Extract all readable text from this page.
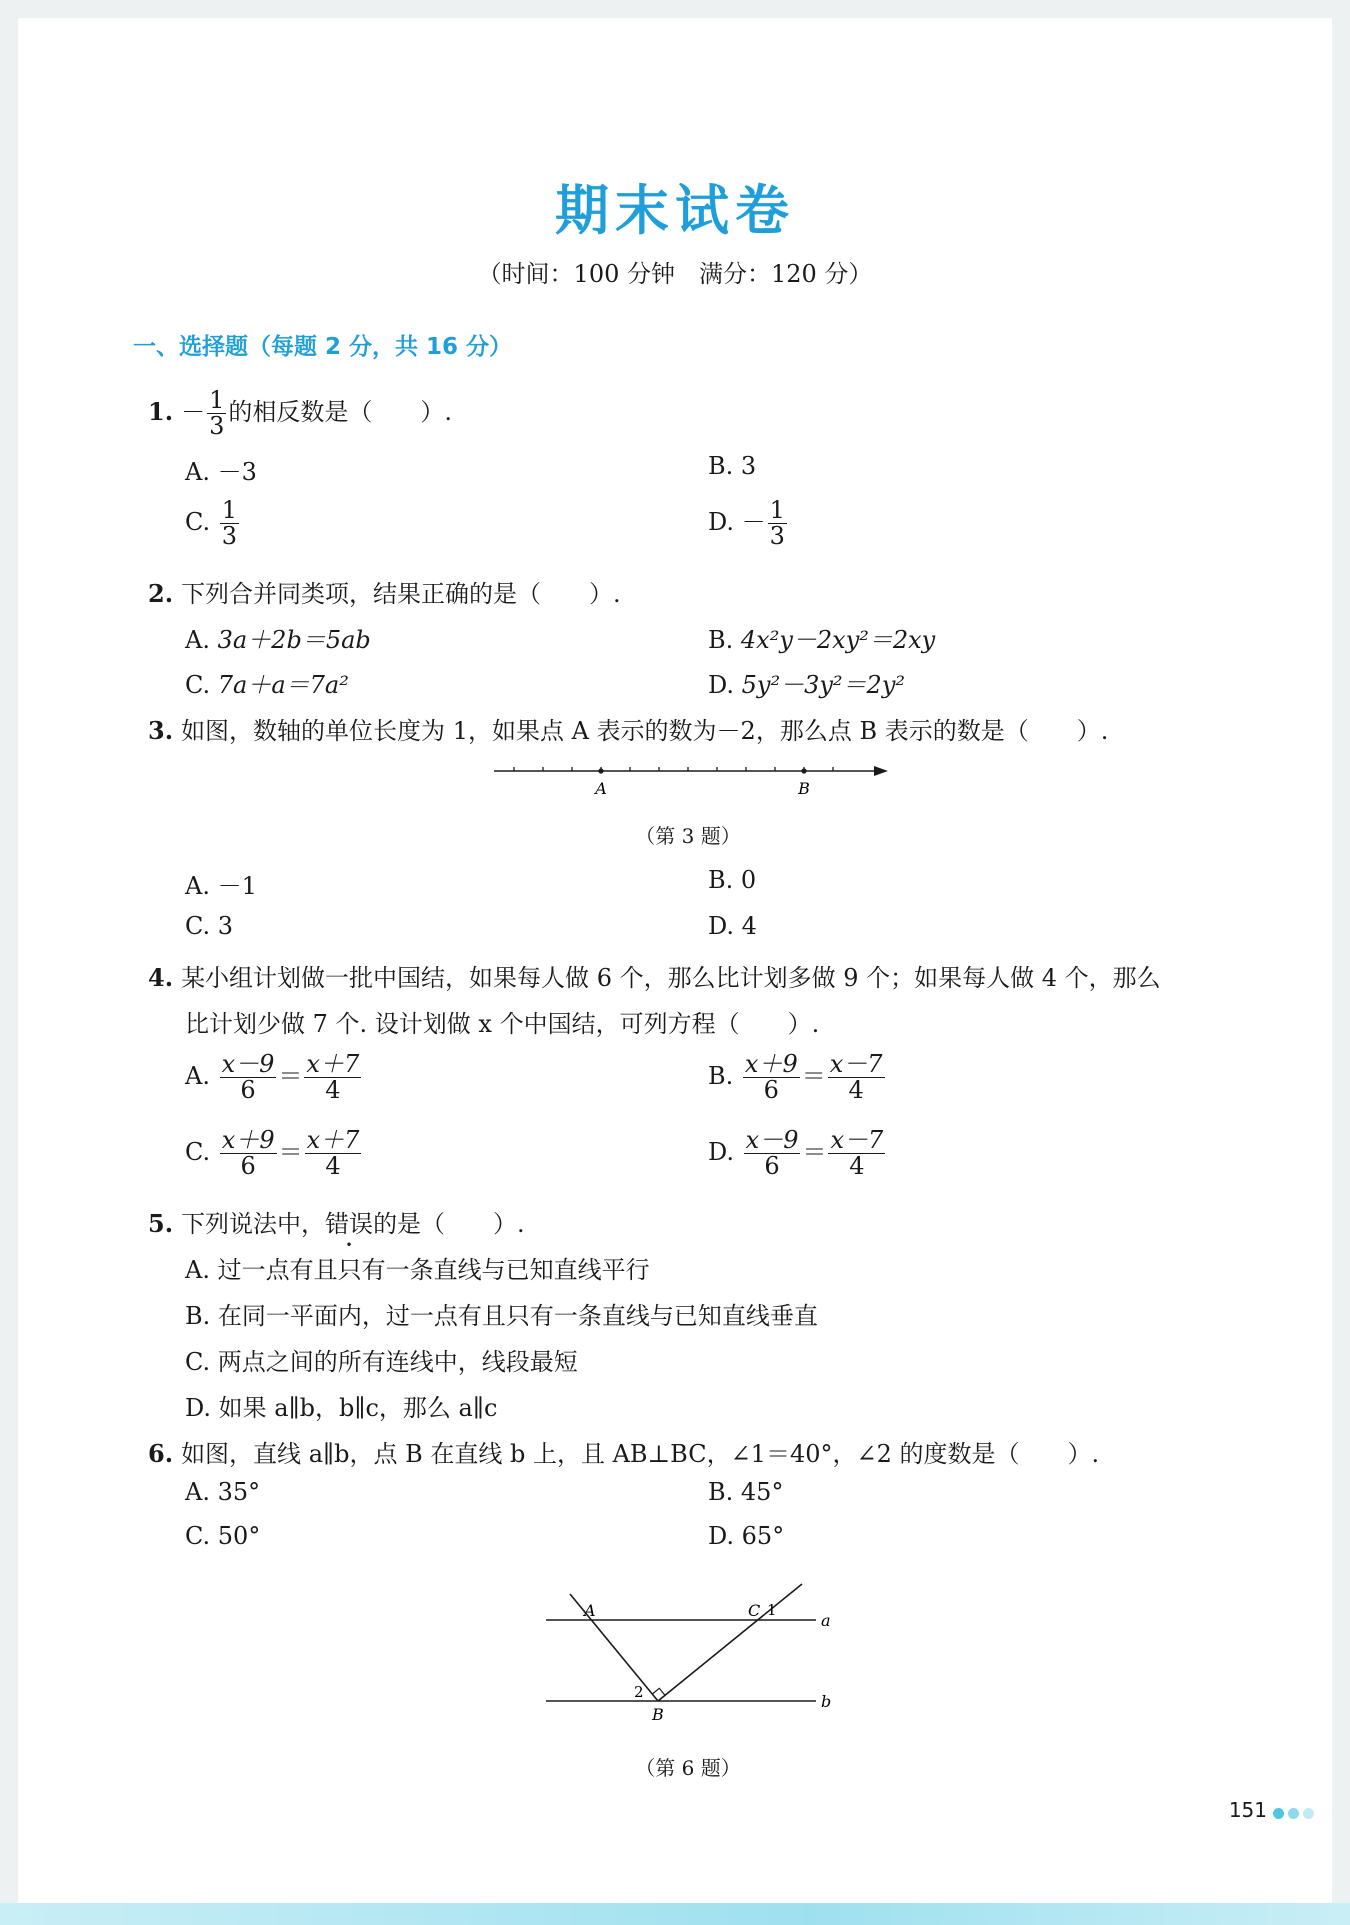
期末试卷
（时间：100 分钟　满分：120 分）
一、选择题（每题 2 分，共 16 分）
1. － $\frac{1}{3}$ 的相反数是（　　）.
A. －3	B. 3
C. $\frac{1}{3}$	D. － $\frac{1}{3}$
2. 下列合并同类项，结果正确的是（　　）.
A. 3a＋2b＝5ab	B. 4x²y－2xy²＝2xy
C. 7a＋a＝7a²	D. 5y²－3y²＝2y²
3. 如图，数轴的单位长度为 1，如果点 A 表示的数为－2，那么点 B 表示的数是（　　）.
A	B
（第 3 题）
A. －1	B. 0
C. 3	D. 4
4. 某小组计划做一批中国结，如果每人做 6 个，那么比计划多做 9 个；如果每人做 4 个，那么
比计划少做 7 个. 设计划做 x 个中国结，可列方程（　　）.
A. $\frac{x-9}{6} = \frac{x+7}{4}$	B. $\frac{x+9}{6} = \frac{x-7}{4}$
C. $\frac{x+9}{6} = \frac{x+7}{4}$	D. $\frac{x-9}{6} = \frac{x-7}{4}$
5. 下列说法中，错误的是（　　）.
A. 过一点有且只有一条直线与已知直线平行
B. 在同一平面内，过一点有且只有一条直线与已知直线垂直
C. 两点之间的所有连线中，线段最短
D. 如果 a∥b，b∥c，那么 a∥c
6. 如图，直线 a∥b，点 B 在直线 b 上，且 AB⊥BC，∠1＝40°，∠2 的度数是（　　）.
A. 35°	B. 45°
C. 50°	D. 65°
A	C 1
a
b
2
B
（第 6 题）
151
